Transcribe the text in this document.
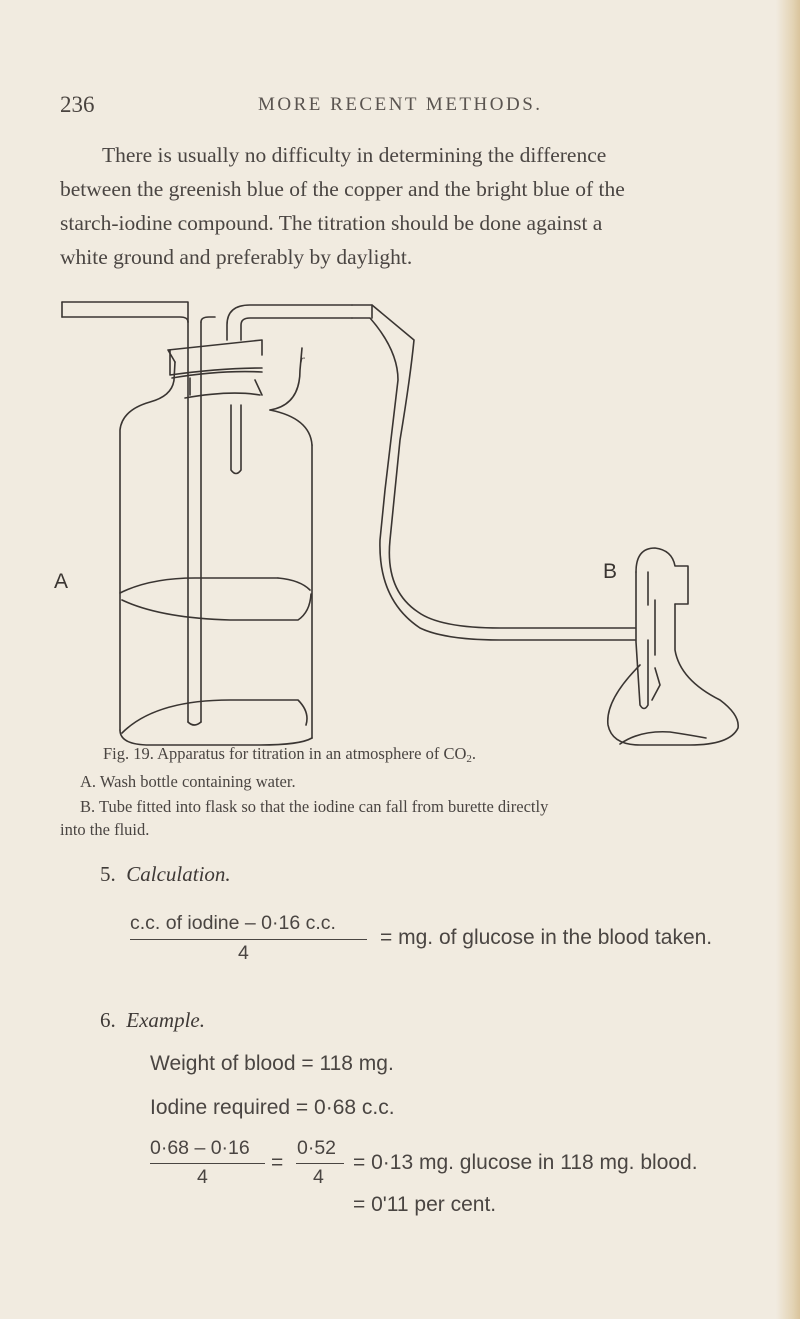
236	MORE RECENT METHODS.
There is usually no difficulty in determining the difference
between the greenish blue of the copper and the bright blue of the
starch-iodine compound. The titration should be done against a
white ground and preferably by daylight.
A	B
r
Fig. 19. Apparatus for titration in an atmosphere of $CO_2$.
A. Wash bottle containing water.
B. Tube fitted into flask so that the iodine can fall from burette directly
into the fluid.
5. Calculation.
c.c. of iodine – 0·16 c.c.
4
= mg. of glucose in the blood taken.
6. Example.
Weight of blood = 118 mg.
Iodine required = 0·68 c.c.
0·68 – 0·16
4
=
0·52
4
= 0·13 mg. glucose in 118 mg. blood.
= 0'11 per cent.
